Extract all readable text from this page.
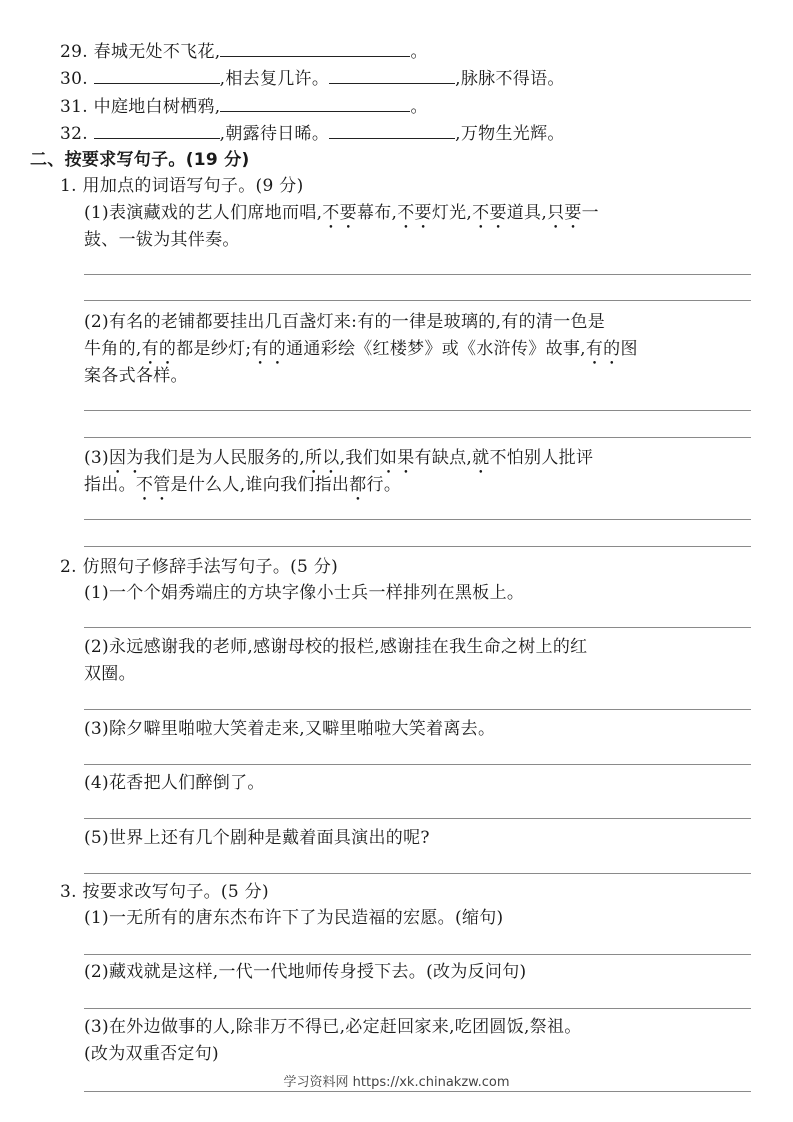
29. 春城无处不飞花,	。
30.	,相去复几许。	,脉脉不得语。
31. 中庭地白树栖鸦,	。
32.	,朝露待日晞。	,万物生光辉。
二、按要求写句子。(19 分)
1. 用加点的词语写句子。(9 分)
(1)表演藏戏的艺人们席地而唱,不要幕布,不要灯光,不要道具,只要一
鼓、一钹为其伴奏。
(2)有名的老铺都要挂出几百盏灯来:有的一律是玻璃的,有的清一色是
牛角的,有的都是纱灯;有的通通彩绘《红楼梦》或《水浒传》故事,有的图
案各式各样。
(3)因为我们是为人民服务的,所以,我们如果有缺点,就不怕别人批评
指出。不管是什么人,谁向我们指出都行。
2. 仿照句子修辞手法写句子。(5 分)
(1)一个个娟秀端庄的方块字像小士兵一样排列在黑板上。
(2)永远感谢我的老师,感谢母校的报栏,感谢挂在我生命之树上的红
双圈。
(3)除夕噼里啪啦大笑着走来,又噼里啪啦大笑着离去。
(4)花香把人们醉倒了。
(5)世界上还有几个剧种是戴着面具演出的呢?
3. 按要求改写句子。(5 分)
(1)一无所有的唐东杰布许下了为民造福的宏愿。(缩句)
(2)藏戏就是这样,一代一代地师传身授下去。(改为反问句)
(3)在外边做事的人,除非万不得已,必定赶回家来,吃团圆饭,祭祖。
(改为双重否定句)
学习资料网 https://xk.chinakzw.com
